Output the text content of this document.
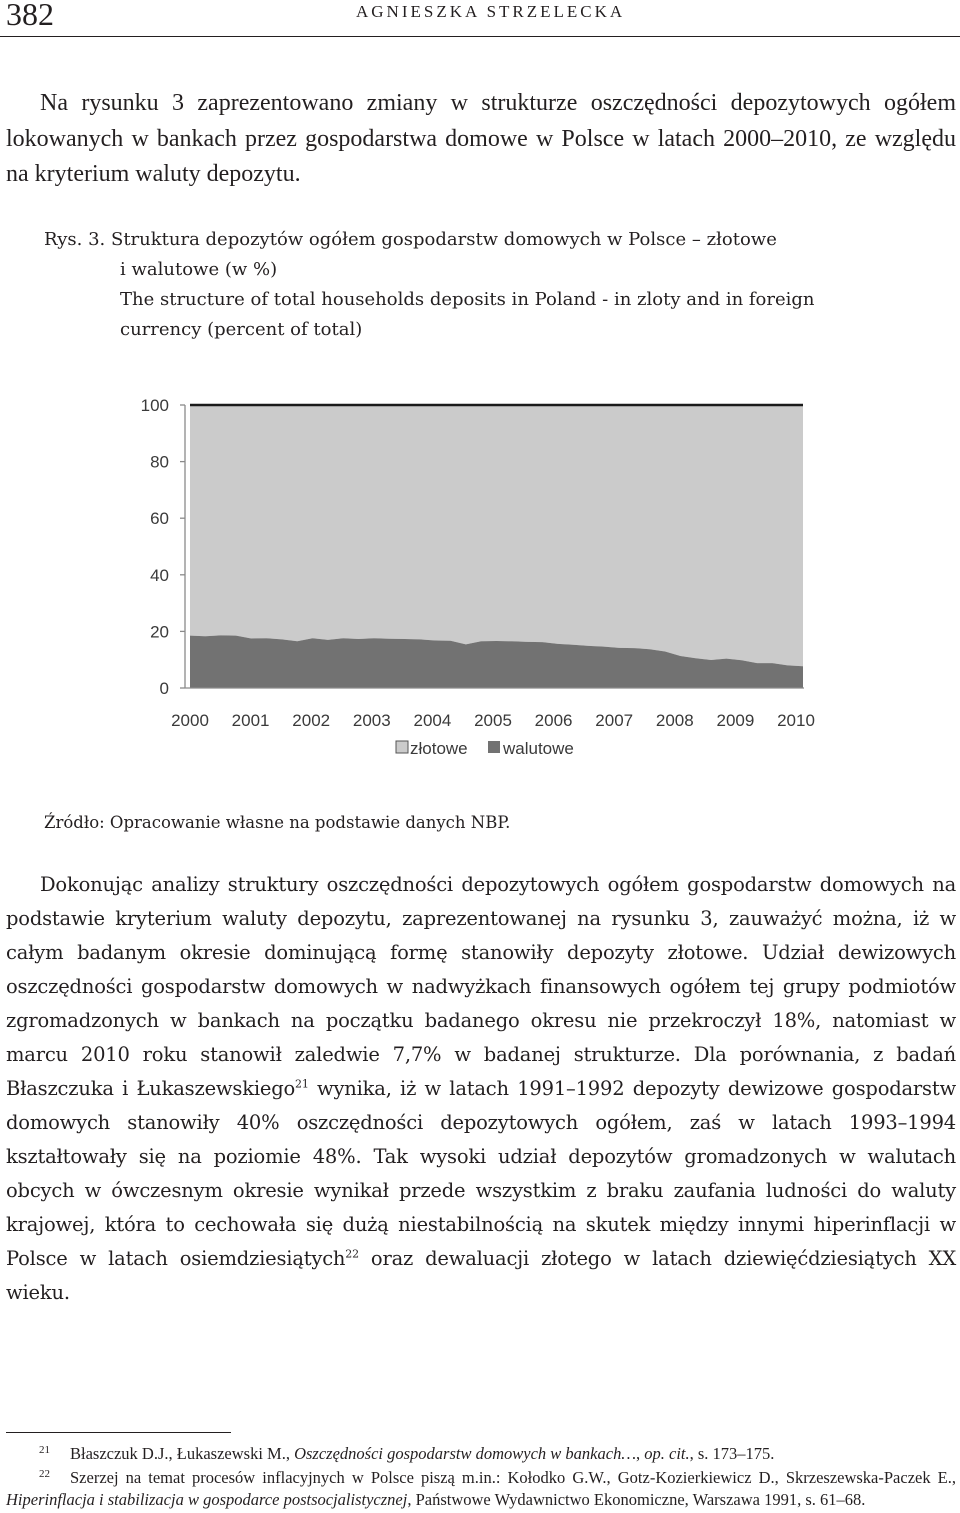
382	AGNIESZKA STRZELECKA

Na rysunku 3 zaprezentowano zmiany w strukturze oszczędności depozytowych ogółem lokowanych w bankach przez gospodarstwa domowe w Polsce w latach 2000–2010, ze względu na kryterium waluty depozytu.

Rys. 3. Struktura depozytów ogółem gospodarstw domowych w Polsce – złotowe
i walutowe (w %)
The structure of total households deposits in Poland - in zloty and in foreign
currency (percent of total)
0
20
40
60
80
100
2000 2001 2002 2003 2004 2005 2006 2007 2008 2009 2010
złotowe walutowe
Źródło: Opracowanie własne na podstawie danych NBP.

Dokonując analizy struktury oszczędności depozytowych ogółem gospodarstw domowych na podstawie kryterium waluty depozytu, zaprezentowanej na rysunku 3, zauważyć można, iż w całym badanym okresie dominującą formę stanowiły depozyty złotowe. Udział dewizowych oszczędności gospodarstw domowych w nadwyżkach finansowych ogółem tej grupy podmiotów zgromadzonych w bankach na początku badanego okresu nie przekroczył 18%, natomiast w marcu 2010 roku stanowił zaledwie 7,7% w badanej strukturze. Dla porównania, z badań Błaszczuka i Łukaszewskiego$^{21}$ wynika, iż w latach 1991–1992 depozyty dewizowe gospodarstw domowych stanowiły 40% oszczędności depozytowych ogółem, zaś w latach 1993–1994 kształtowały się na poziomie 48%. Tak wysoki udział depozytów gromadzonych w walutach obcych w ówczesnym okresie wynikał przede wszystkim z braku zaufania ludności do waluty krajowej, która to cechowała się dużą niestabilnością na skutek między innymi hiperinflacji w Polsce w latach osiemdziesiątych$^{22}$ oraz dewaluacji złotego w latach dziewięćdziesiątych XX wieku.

$^{21}$ Błaszczuk D.J., Łukaszewski M., Oszczędności gospodarstw domowych w bankach…, op. cit., s. 173–175.

$^{22}$ Szerzej na temat procesów inflacyjnych w Polsce piszą m.in.: Kołodko G.W., Gotz-Kozierkiewicz D., Skrzeszewska-Paczek E., Hiperinflacja i stabilizacja w gospodarce postsocjalistycznej, Państwowe Wydawnictwo Ekonomiczne, Warszawa 1991, s. 61–68.
